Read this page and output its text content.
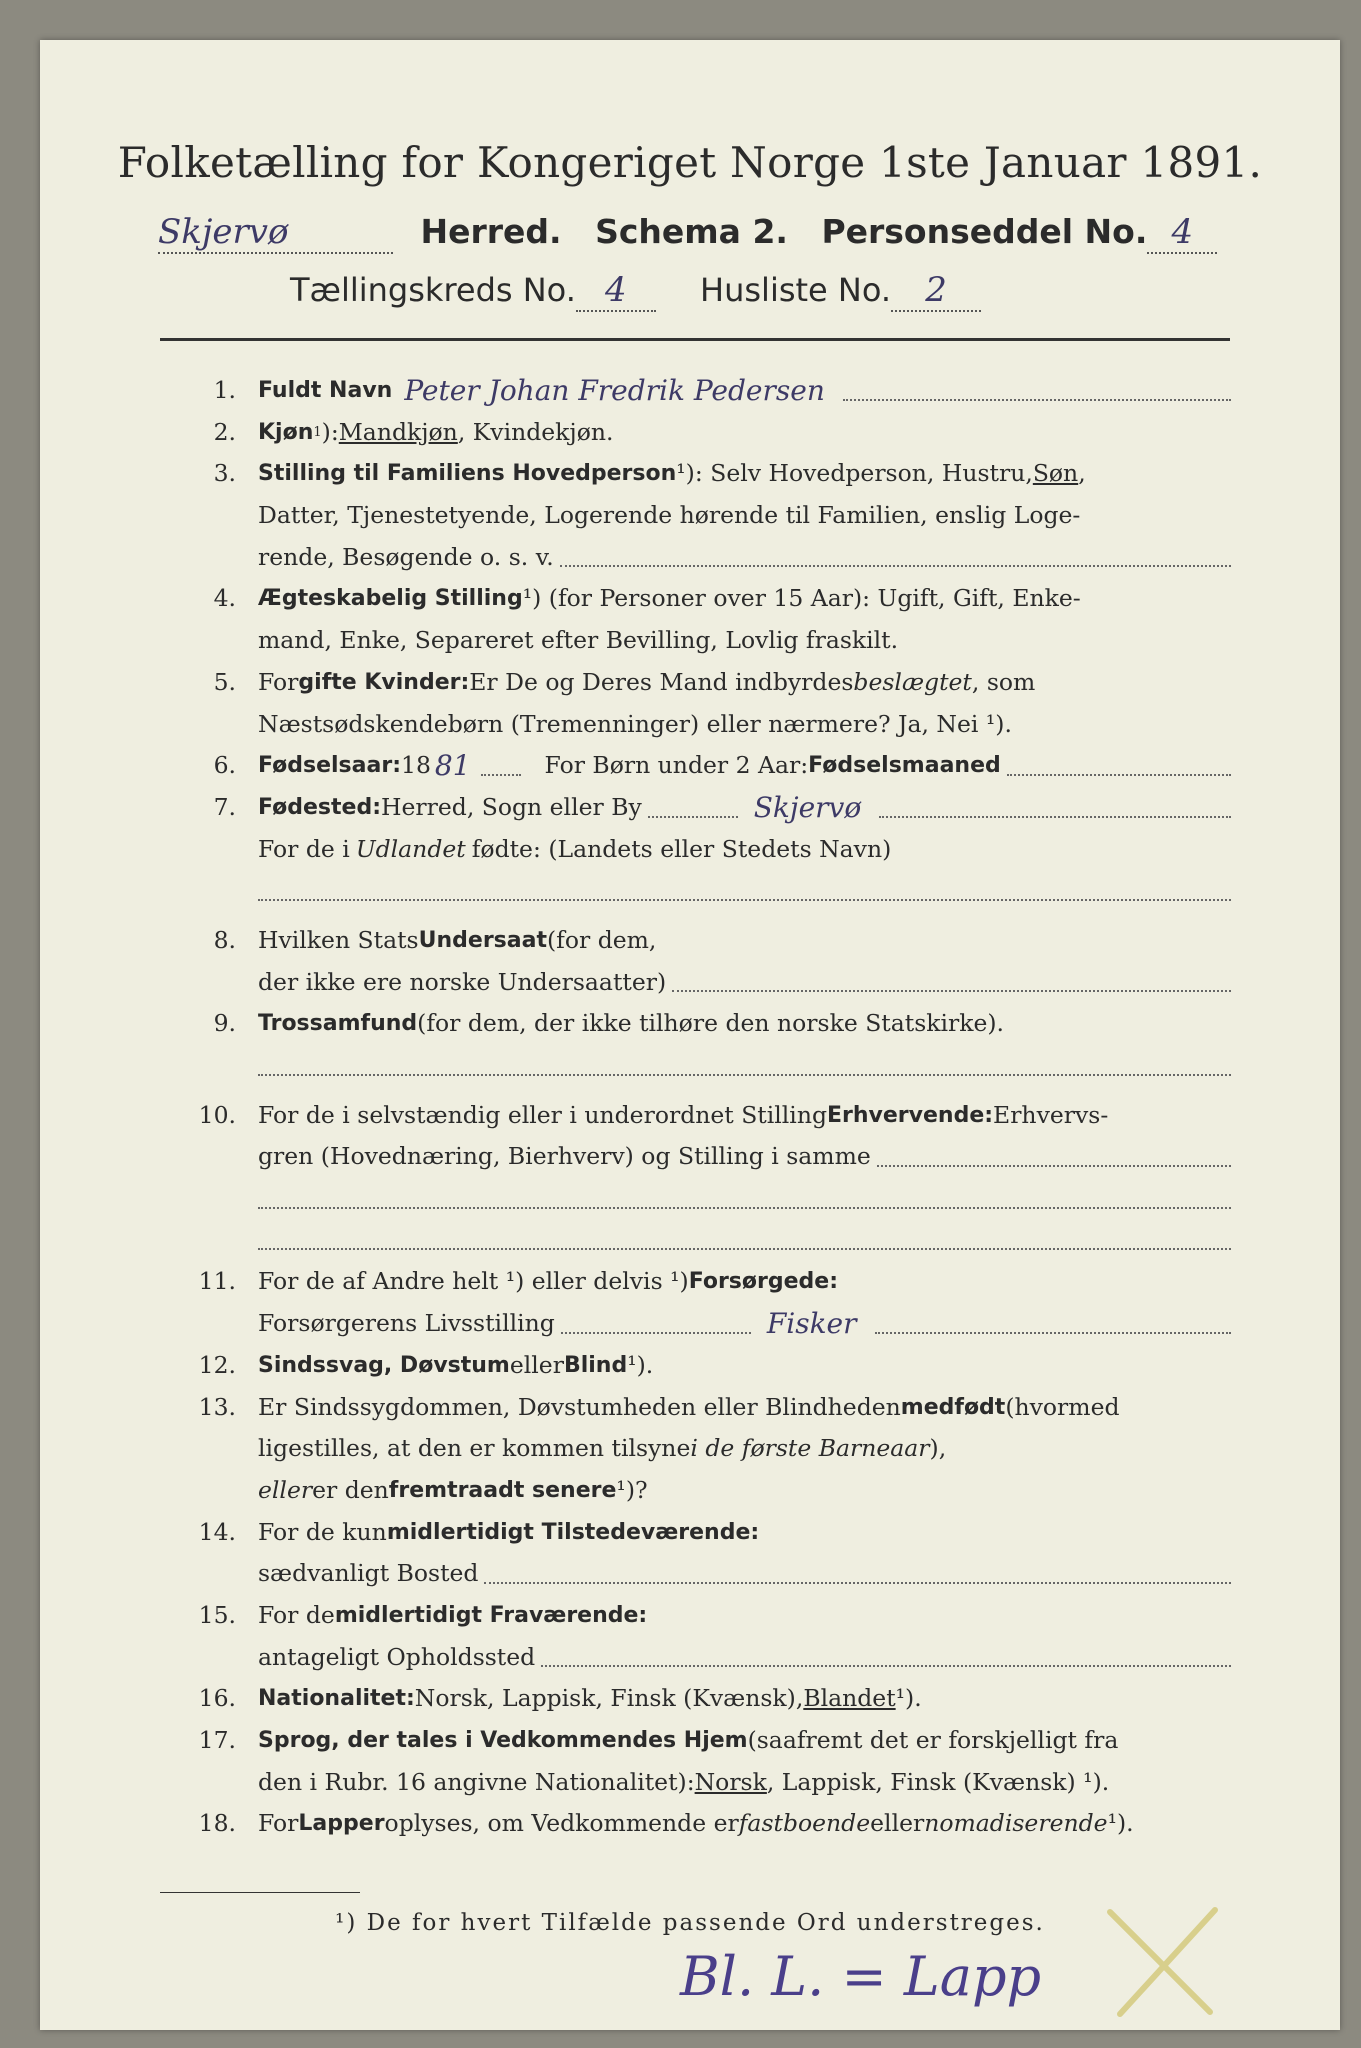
Folketælling for Kongeriget Norge 1ste Januar 1891.
Skjervø	Herred. Schema 2. Personseddel No. 4
Tællingskreds No. 4 Husliste No. 2
1.	Fuldt Navn Peter Johan Fredrik Pedersen
2.	Kjøn 1 ): Mandkjøn , Kvindekjøn.
3.	Stilling til Familiens Hovedperson ¹): Selv Hovedperson, Hustru, Søn ,
Datter, Tjenestetyende, Logerende hørende til Familien, enslig Loge-
rende, Besøgende o. s. v.
4.	Ægteskabelig Stilling ¹) (for Personer over 15 Aar): Ugift, Gift, Enke-
mand, Enke, Separeret efter Bevilling, Lovlig fraskilt.
5. For gifte Kvinder: Er De og Deres Mand indbyrdes beslægtet , som
Næstsødskendebørn (Tremenninger) eller nærmere? Ja, Nei ¹).
6.	Fødselsaar: 18 81	For Børn under 2 Aar: Fødselsmaaned
7.	Fødested: Herred, Sogn eller By	Skjervø
For de i Udlandet fødte: (Landets eller Stedets Navn)
8. Hvilken Stats Undersaat (for dem,
der ikke ere norske Undersaatter)
9.	Trossamfund (for dem, der ikke tilhøre den norske Statskirke).
10. For de i selvstændig eller i underordnet Stilling Erhvervende: Erhvervs-
gren (Hovednæring, Bierhverv) og Stilling i samme
11. For de af Andre helt ¹) eller delvis ¹) Forsørgede:
Forsørgerens Livsstilling	Fisker
12.	Sindssvag, Døvstum eller Blind ¹).
13. Er Sindssygdommen, Døvstumheden eller Blindheden medfødt (hvormed
ligestilles, at den er kommen tilsyne i de første Barneaar ),
eller er den fremtraadt senere ¹)?
14. For de kun midlertidigt Tilstedeværende:
sædvanligt Bosted
15. For de midlertidigt Fraværende:
antageligt Opholdssted
16.	Nationalitet: Norsk, Lappisk, Finsk (Kvænsk), Blandet ¹).
17.	Sprog, der tales i Vedkommendes Hjem (saafremt det er forskjelligt fra
den i Rubr. 16 angivne Nationalitet): Norsk , Lappisk, Finsk (Kvænsk) ¹).
18. For Lapper oplyses, om Vedkommende er fastboende eller nomadiserende ¹).
¹) De for hvert Tilfælde passende Ord understreges.
Bl. L. = Lapp
